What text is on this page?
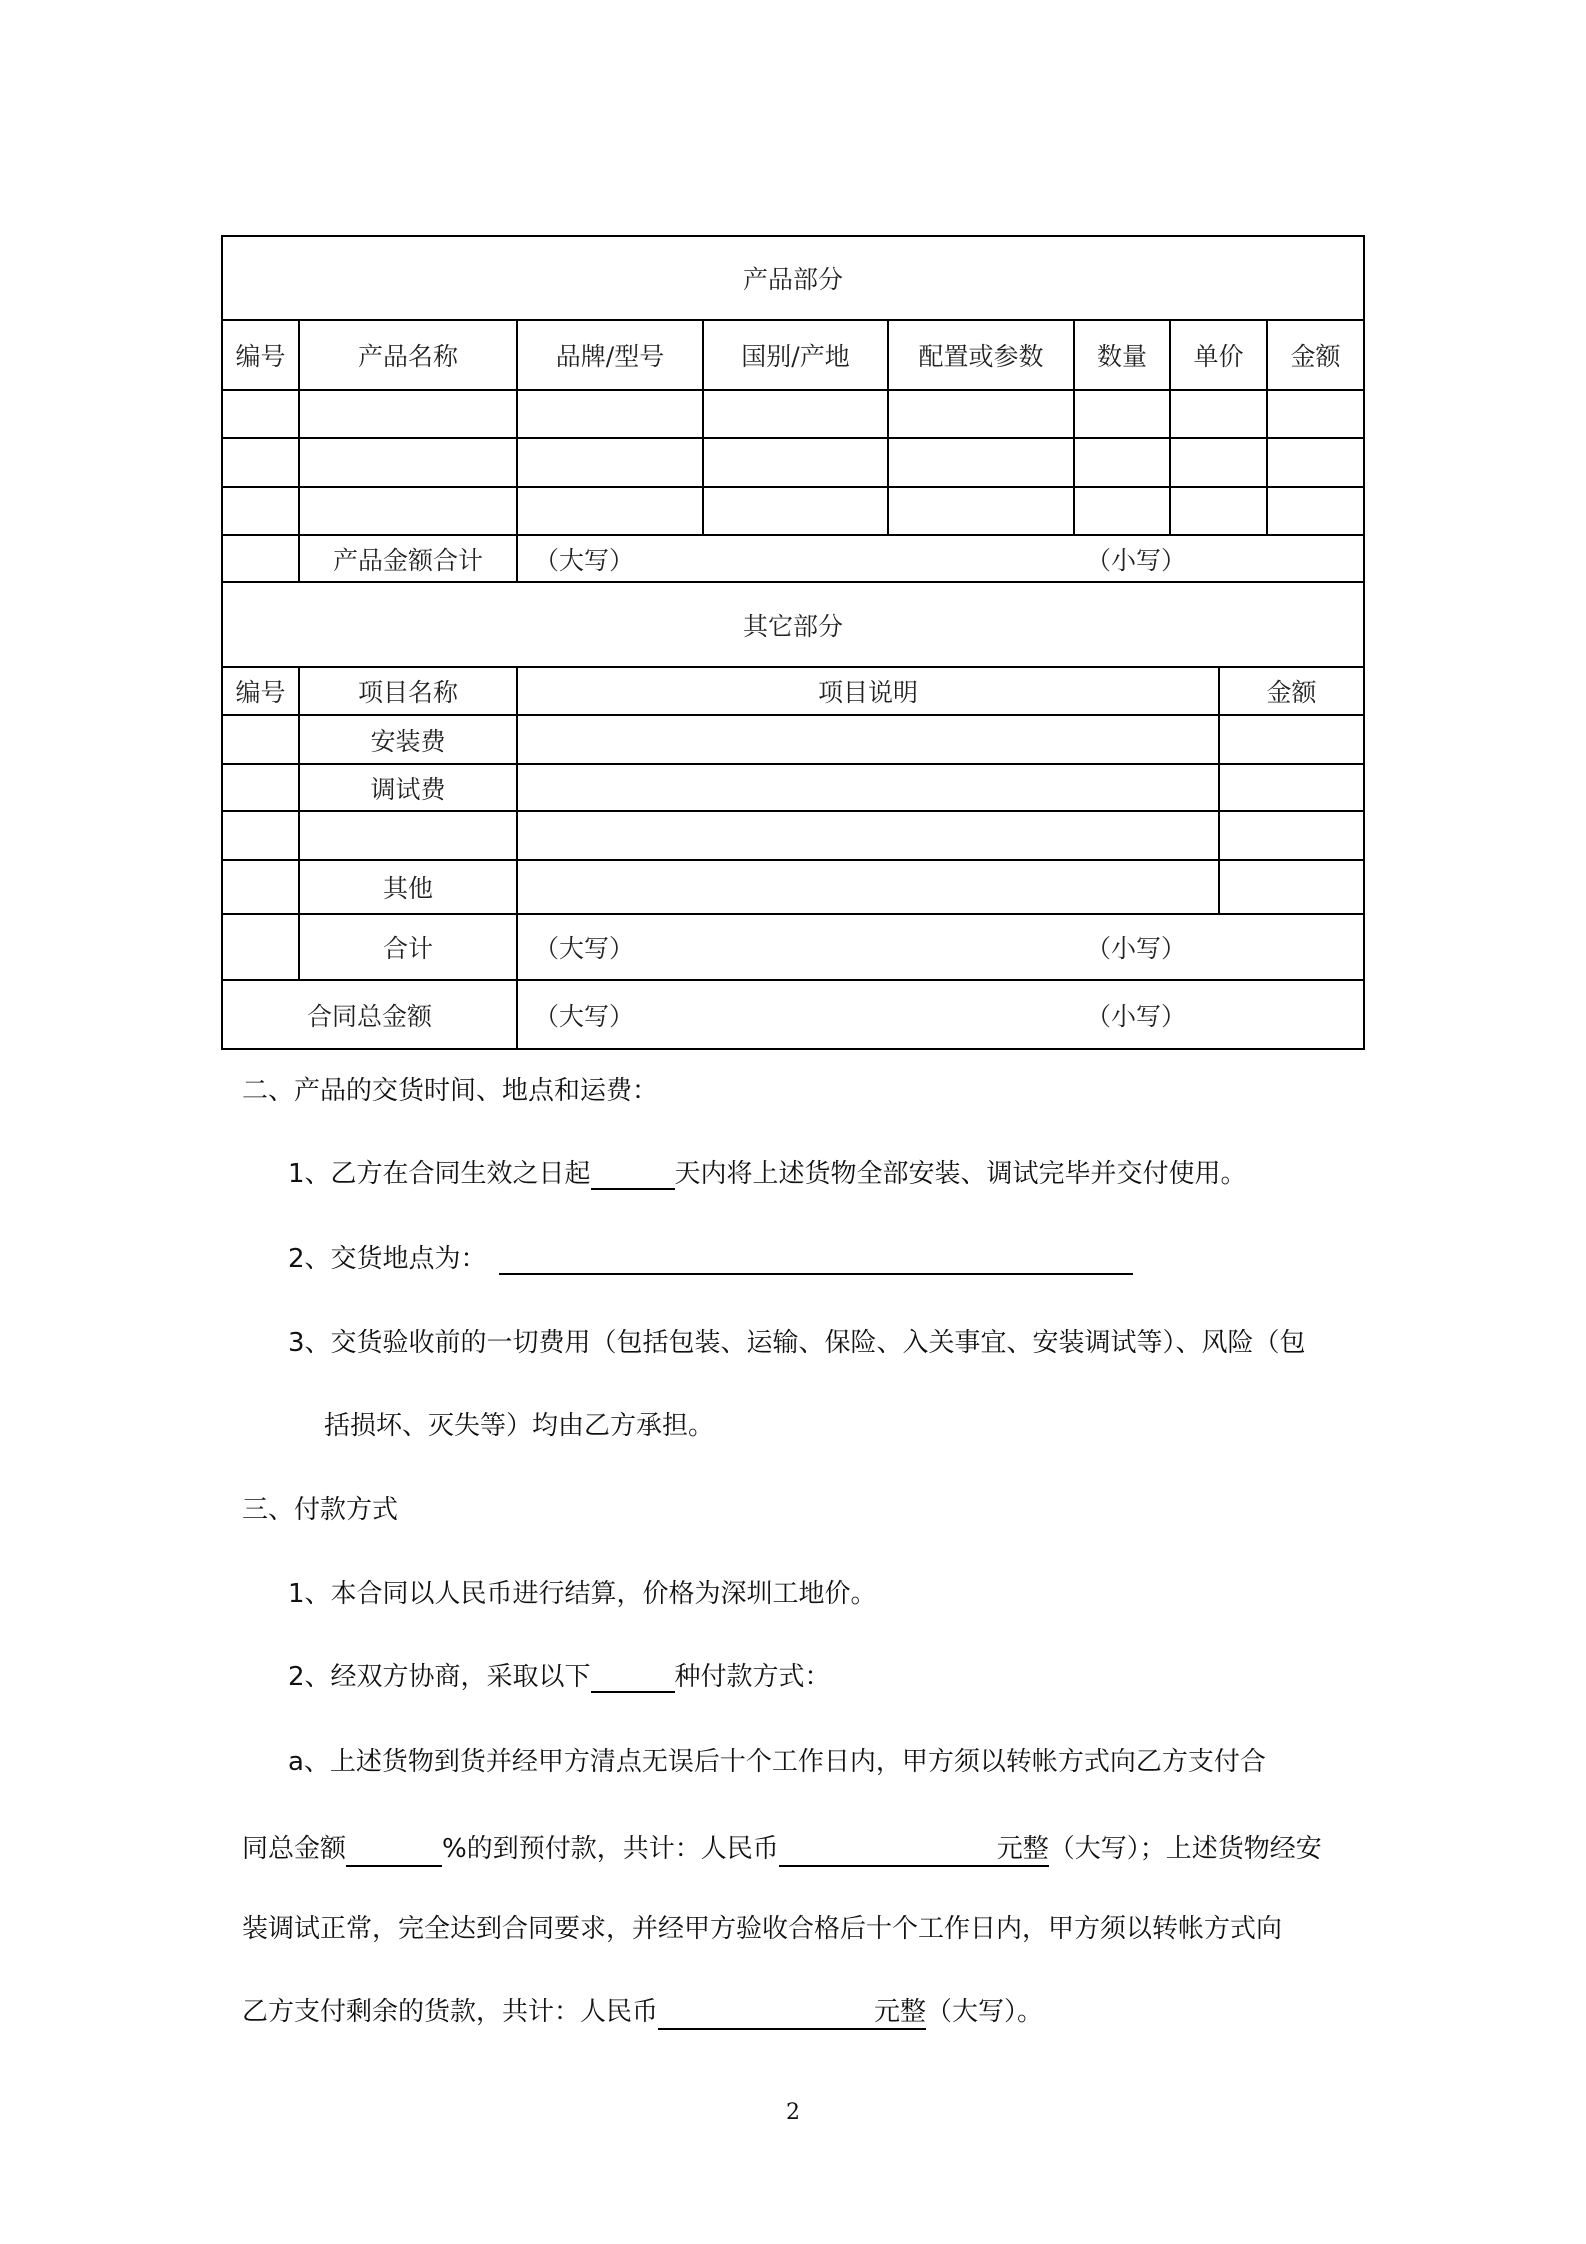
产品部分							
编号	产品名称	品牌/型号	国别/产地	配置或参数	数量	单价	金额

	产品金额合计	（大写） （小写）					
其它部分			
编号	项目名称	项目说明	金额
	安装费		
	调试费		

	其他		
	合计	（大写） （小写）	

合同总金额		（大写） （小写）	
二、产品的交货时间、地点和运费：
1、乙方在合同生效之日起	天内将上述货物全部安装、调试完毕并交付使用。
2、交货地点为：
3、交货验收前的一切费用（包括包装、运输、保险、入关事宜、安装调试等）、风险（包
括损坏、灭失等）均由乙方承担。
三、付款方式
1、本合同以人民币进行结算，价格为深圳工地价。
2、经双方协商，采取以下	种付款方式：
a、上述货物到货并经甲方清点无误后十个工作日内，甲方须以转帐方式向乙方支付合
同总金额	%的到预付款，共计：人民币	元整（大写）；上述货物经安
装调试正常，完全达到合同要求，并经甲方验收合格后十个工作日内，甲方须以转帐方式向
乙方支付剩余的货款，共计：人民币	元整（大写）。
2
